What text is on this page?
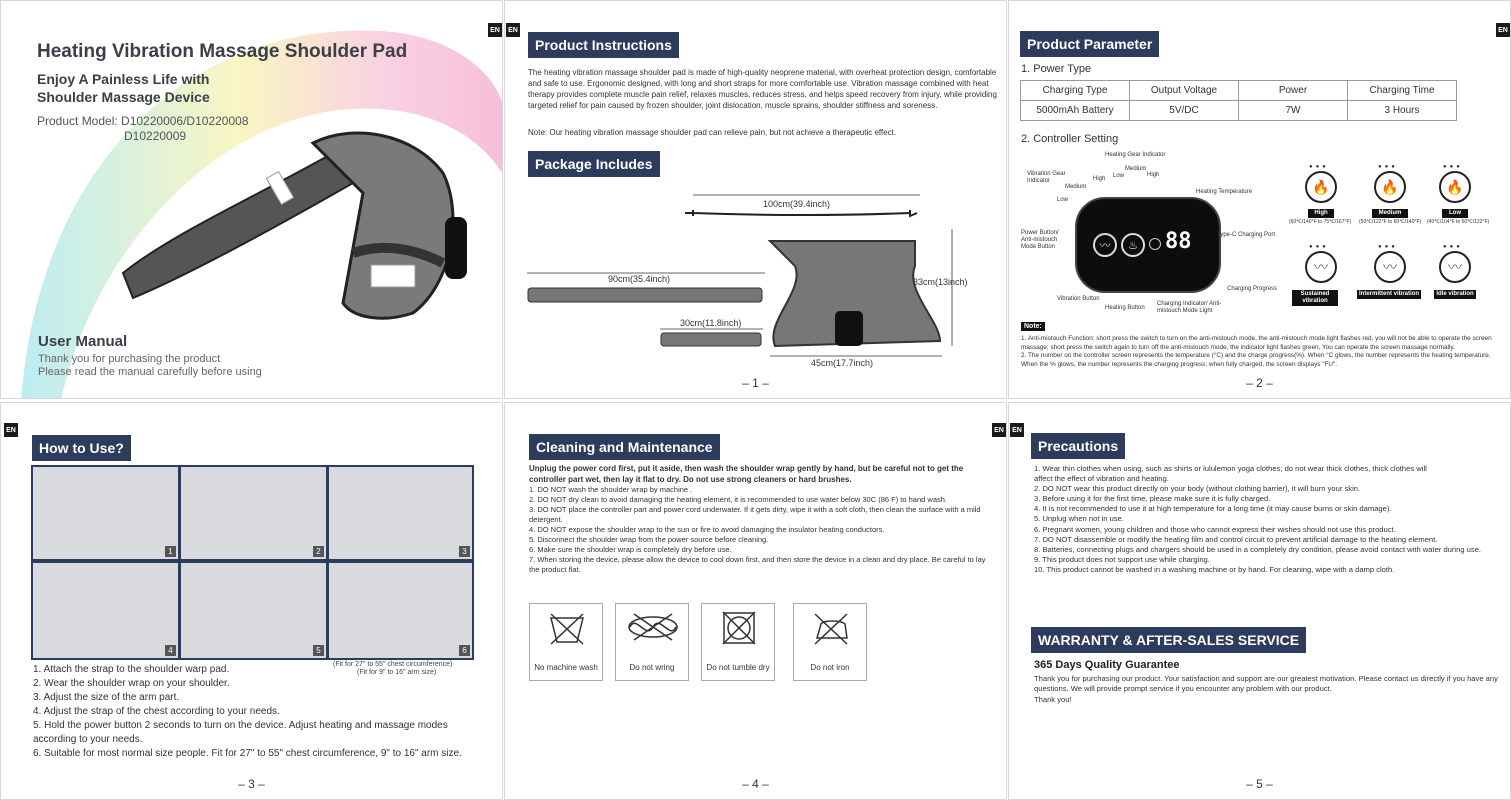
Heating Vibration Massage Shoulder Pad
Enjoy A Painless Life with
Shoulder Massage Device
Product Model: D10220006/D10220008
D10220009
User Manual
Thank you for purchasing the product
Please read the manual carefully before using
EN	EN
Product Instructions
The heating vibration massage shoulder pad is made of high-quality neoprene material, with overheat protection design, comfortable and safe to use. Ergonomic designed, with long and short straps for more comfortable use. Vibration massage combined with heat therapy provides complete muscle pain relief, relaxes muscles, reduces stress, and helps speed recovery from injury, while providing targeted relief for pain caused by frozen shoulder, joint dislocation, muscle sprains, shoulder stiffness and soreness.
Note: Our heating vibration massage shoulder pad can relieve pain, but not achieve a therapeutic effect.
Package Includes
100cm(39.4inch)
90cm(35.4inch)
30cm(11.8inch)
33cm(13inch)
45cm(17.7inch)
– 1 –
Product Parameter
1. Power Type
Charging Type	Output Voltage	Power	Charging Time
5000mAh Battery	5V/DC	7W	3 Hours
2. Controller Setting
〰	♨	88
Heating Gear Indicator
Vibration Gear Indicator
Medium
High
Low
Low
Medium
High
Heating Temperature
Power Button/ Anti-mistouch Mode Button
Type-C Charging Port
Charging Progress
Vibration Button
Heating Button
Charging Indicator/ Anti-mistouch Mode Light
●●●
🔥
High
(60℃/140°F to 75℃/167°F)
●●●
🔥
Medium
(50℃/122°F to 60℃/140°F)
●●●
🔥
Low
(40℃/104°F to 50℃/122°F)
●●●
〰
Sustained vibration
●●●
〰
Intermittent vibration
●●●
〰
Idle vibration
Note:
1. Anti-mistouch Function: short press the switch to turn on the anti-mistouch mode, the anti-mistouch mode light flashes red, you will not be able to operate the screen massage; short press the switch again to turn off the anti-mistouch mode, the indicator light flashes green, You can operate the screen massage normally.
2. The number on the controller screen represents the temperature (°C) and the charge progress(%). When °C glows, the number represents the heating temperature. When the % glows, the number represents the charging progress; when fully charged, the screen displays "FU".
– 2 –
EN
EN
How to Use?
1	2	3
4	5	6
(Fit for 27" to 55" chest circumference)
(Fit for 9" to 16" arm size)
1. Attach the strap to the shoulder warp pad.
2. Wear the shoulder wrap on your shoulder.
3. Adjust the size of the arm part.
4. Adjust the strap of the chest according to your needs.
5. Hold the power button 2 seconds to turn on the device. Adjust heating and massage modes
according to your needs.
6. Suitable for most normal size people. Fit for 27" to 55" chest circumference, 9" to 16" arm size.
– 3 –
Cleaning and Maintenance
Unplug the power cord first, put it aside, then wash the shoulder wrap gently by hand, but be careful not to get the controller part wet, then lay it flat to dry. Do not use strong cleaners or hard brushes.
1. DO NOT wash the shoulder wrap by machine .
2. DO NOT dry clean to avoid damaging the heating element, it is recommended to use water below 30C (86 F) to hand wash.
3. DO NOT place the controller part and power cord underwater. If it gets dirty, wipe it with a soft cloth, then clean the surface with a mild detergent.
4. DO NOT expose the shoulder wrap to the sun or fire to avoid damaging the insulator heating conductors.
5. Disconnect the shoulder wrap from the power source before cleaning.
6. Make sure the shoulder wrap is completely dry before use.
7. When storing the device, please allow the device to cool down first, and then store the device in a clean and dry place. Be careful to lay the product flat.
No machine wash	Do not wring	Do not tumble dry	Do not iron
– 4 –
EN	EN
Precautions
1. Wear thin clothes when using, such as shirts or lululemon yoga clothes; do not wear thick clothes, thick clothes will
affect the effect of vibration and heating.
2. DO NOT wear this product directly on your body (without clothing barrier), it will burn your skin.
3. Before using it for the first time, please make sure it is fully charged.
4. It is not recommended to use it at high temperature for a long time (it may cause burns or skin damage).
5. Unplug when not in use.
6. Pregnant women, young children and those who cannot express their wishes should not use this product.
7. DO NOT disassemble or modify the heating film and control circuit to prevent artificial damage to the heating element.
8. Batteries, connecting plugs and chargers should be used in a completely dry condition, please avoid contact with water during use.
9. This product does not support use while charging.
10. This product cannot be washed in a washing machine or by hand. For cleaning, wipe with a damp cloth.
WARRANTY & AFTER-SALES SERVICE
365 Days Quality Guarantee
Thank you for purchasing our product. Your satisfaction and support are our greatest motivation. Please contact us directly if you have any questions. We will provide prompt service if you encounter any problem with our product.
Thank you!
– 5 –
